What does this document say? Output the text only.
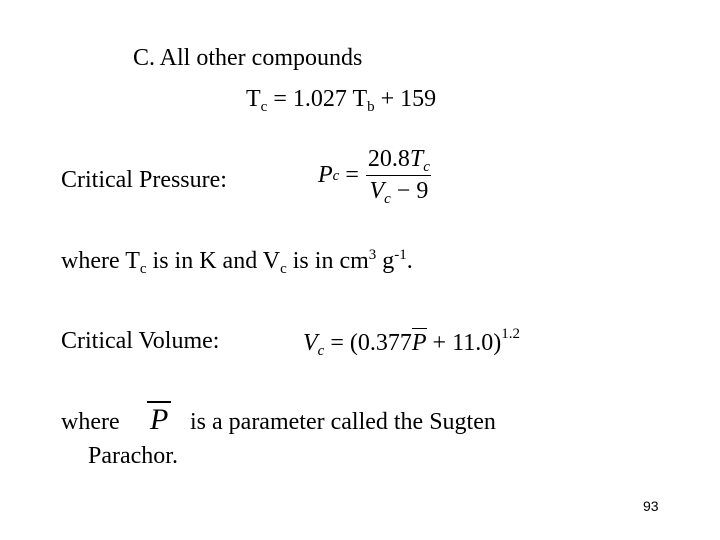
C. All other compounds
$T_c = 1.027$ $T_b + 159$
Critical Pressure:	P $c = \frac{20.8T_c}{V_c - 9}$
where $T_c$ is in K and $V_c$ is in $cm^3$ $g^{-1}$.
Critical Volume:	$V_c = (0.377P + 11.0)^{1.2}$
where P is a parameter called the Sugten
Parachor.
93
